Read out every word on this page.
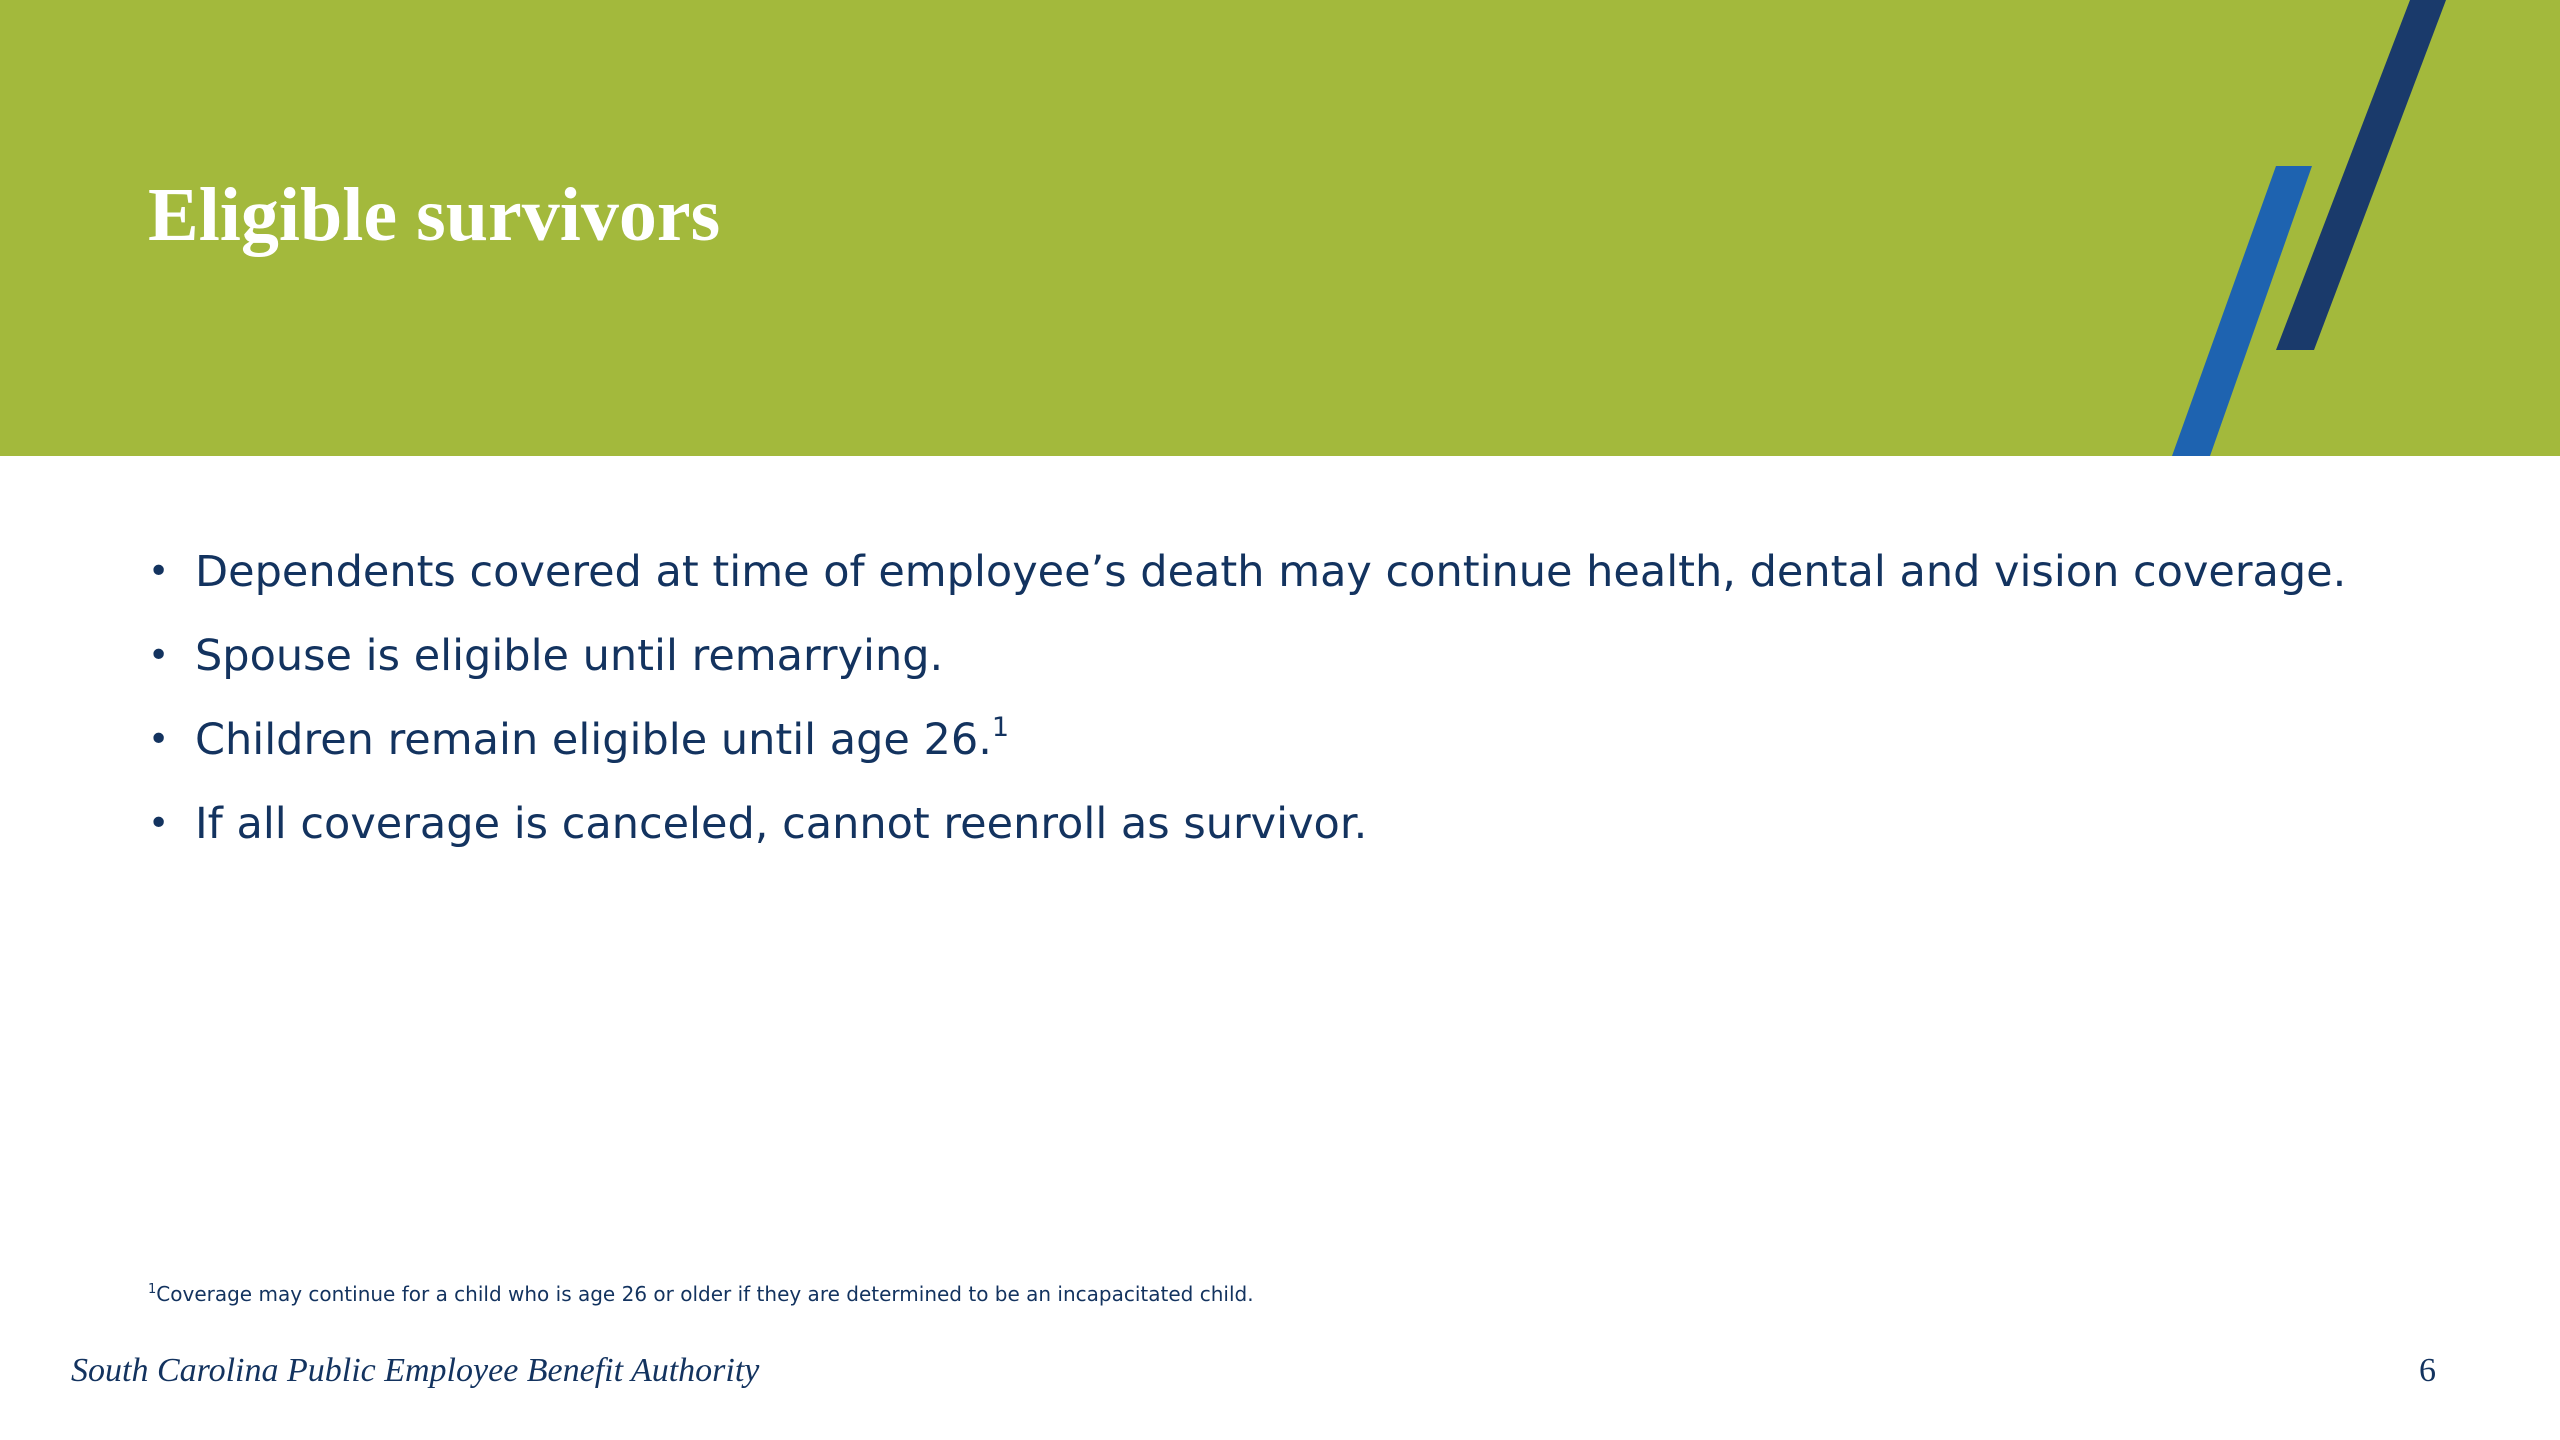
Eligible survivors
• Dependents covered at time of employee’s death may continue health, dental and vision coverage.
• Spouse is eligible until remarrying.
• Children remain eligible until age 26.$^1$
• If all coverage is canceled, cannot reenroll as survivor.
$^1$Coverage may continue for a child who is age 26 or older if they are determined to be an incapacitated child.
South Carolina Public Employee Benefit Authority	6
